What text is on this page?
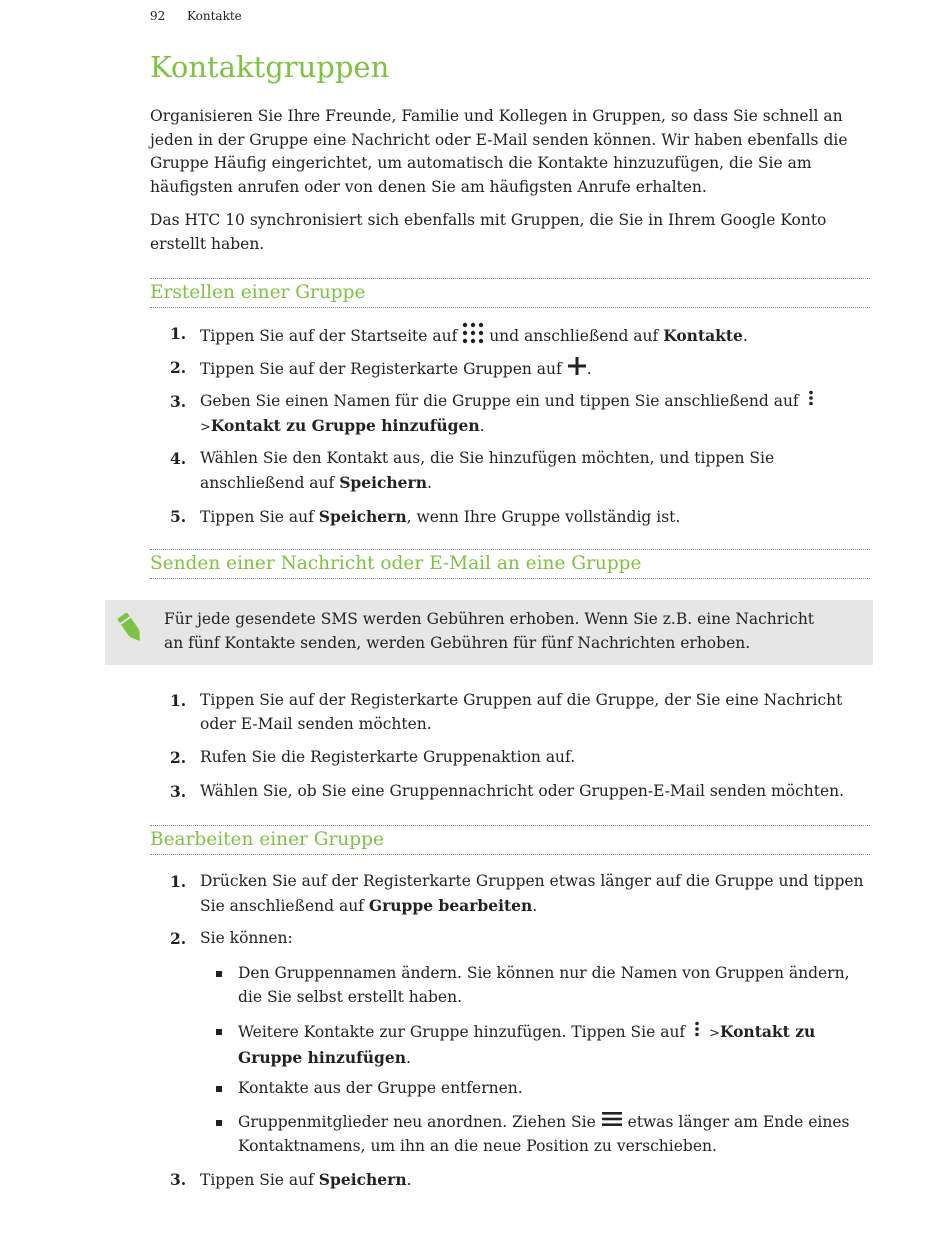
92 Kontakte
Kontaktgruppen

Organisieren Sie Ihre Freunde, Familie und Kollegen in Gruppen, so dass Sie schnell an jeden in der Gruppe eine Nachricht oder E-Mail senden können. Wir haben ebenfalls die Gruppe Häufig eingerichtet, um automatisch die Kontakte hinzuzufügen, die Sie am häufigsten anrufen oder von denen Sie am häufigsten Anrufe erhalten.

Das HTC 10 synchronisiert sich ebenfalls mit Gruppen, die Sie in Ihrem Google Konto erstellt haben.

Erstellen einer Gruppe
1. Tippen Sie auf der Startseite auf und anschließend auf Kontakte.
2. Tippen Sie auf der Registerkarte Gruppen auf .
3. Geben Sie einen Namen für die Gruppe ein und tippen Sie anschließend auf  >Kontakt zu Gruppe hinzufügen.
4. Wählen Sie den Kontakt aus, die Sie hinzufügen möchten, und tippen Sie anschließend auf Speichern.
5. Tippen Sie auf Speichern, wenn Ihre Gruppe vollständig ist.
Senden einer Nachricht oder E-Mail an eine Gruppe
Für jede gesendete SMS werden Gebühren erhoben. Wenn Sie z.B. eine Nachricht an fünf Kontakte senden, werden Gebühren für fünf Nachrichten erhoben.
1. Tippen Sie auf der Registerkarte Gruppen auf die Gruppe, der Sie eine Nachricht oder E-Mail senden möchten.
2. Rufen Sie die Registerkarte Gruppenaktion auf.
3. Wählen Sie, ob Sie eine Gruppennachricht oder Gruppen-E-Mail senden möchten.
Bearbeiten einer Gruppe
1. Drücken Sie auf der Registerkarte Gruppen etwas länger auf die Gruppe und tippen Sie anschließend auf Gruppe bearbeiten.
2. Sie können:
Den Gruppennamen ändern. Sie können nur die Namen von Gruppen ändern, die Sie selbst erstellt haben.
Weitere Kontakte zur Gruppe hinzufügen. Tippen Sie auf >Kontakt zu Gruppe hinzufügen.
Kontakte aus der Gruppe entfernen.
Gruppenmitglieder neu anordnen. Ziehen Sie etwas länger am Ende eines Kontaktnamens, um ihn an die neue Position zu verschieben.
3. Tippen Sie auf Speichern.
